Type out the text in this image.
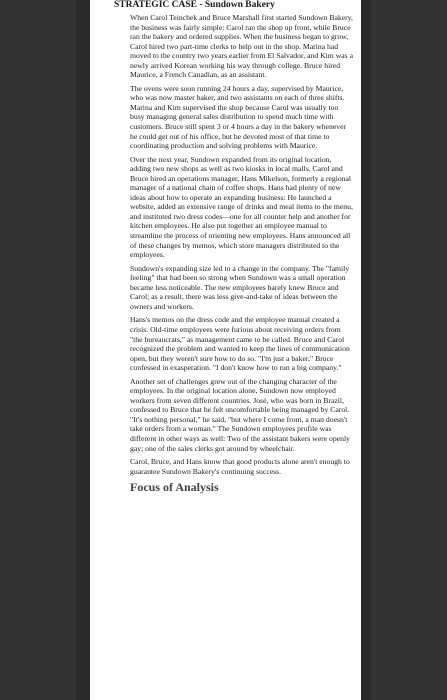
STRATEGIC CASE - Sundown Bakery

When Carol Teinchek and Bruce Marshall first started Sundown Bakery, the business was fairly simple: Carol ran the shop up front, while Bruce ran the bakery and ordered supplies. When the business began to grow, Carol hired two part-time clerks to help out in the shop. Marina had moved to the country two years earlier from El Salvador, and Kim was a newly arrived Korean working his way through college. Bruce hired Maurice, a French Canadian, as an assistant.

The ovens were soon running 24 hours a day, supervised by Maurice, who was now master baker, and two assistants on each of three shifts. Marina and Kim supervised the shop because Carol was usually too busy managing general sales distribution to spend much time with customers. Bruce still spent 3 or 4 hours a day in the bakery whenever he could get out of his office, but he devoted most of that time to coordinating production and solving problems with Maurice.

Over the next year, Sundown expanded from its original location, adding two new shops as well as two kiosks in local malls. Carol and Bruce hired an operations manager, Hans Mikelson, formerly a regional manager of a national chain of coffee shops. Hans had plenty of new ideas about how to operate an expanding business: He launched a website, added an extensive range of drinks and meal items to the menu, and instituted two dress codes—one for all counter help and another for kitchen employees. He also put together an employee manual to streamline the process of orienting new employees. Hans announced all of these changes by memos, which store managers distributed to the employees.

Sundown's expanding size led to a change in the company. The "family feeling" that had been so strong when Sundown was a small operation became less noticeable. The new employees barely knew Bruce and Carol; as a result, there was less give-and-take of ideas between the owners and workers.

Hans's memos on the dress code and the employee manual created a crisis. Old-time employees were furious about receiving orders from "the bureaucrats," as management came to be called. Bruce and Carol recognized the problem and wanted to keep the lines of communication open, but they weren't sure how to do so. "I'm just a baker," Bruce confessed in exasperation. "I don't know how to run a big company."

Another set of challenges grew out of the changing character of the employees. In the original location alone, Sundown now employed workers from seven different countries. José, who was born in Brazil, confessed to Bruce that he felt uncomfortable being managed by Carol. "It's nothing personal," he said, "but where I come from, a man doesn't take orders from a woman." The Sundown employees profile was different in other ways as well: Two of the assistant bakers were openly gay; one of the sales clerks got around by wheelchair.

Carol, Bruce, and Hans know that good products alone aren't enough to guarantee Sundown Bakery's continuing success.

Focus of Analysis
